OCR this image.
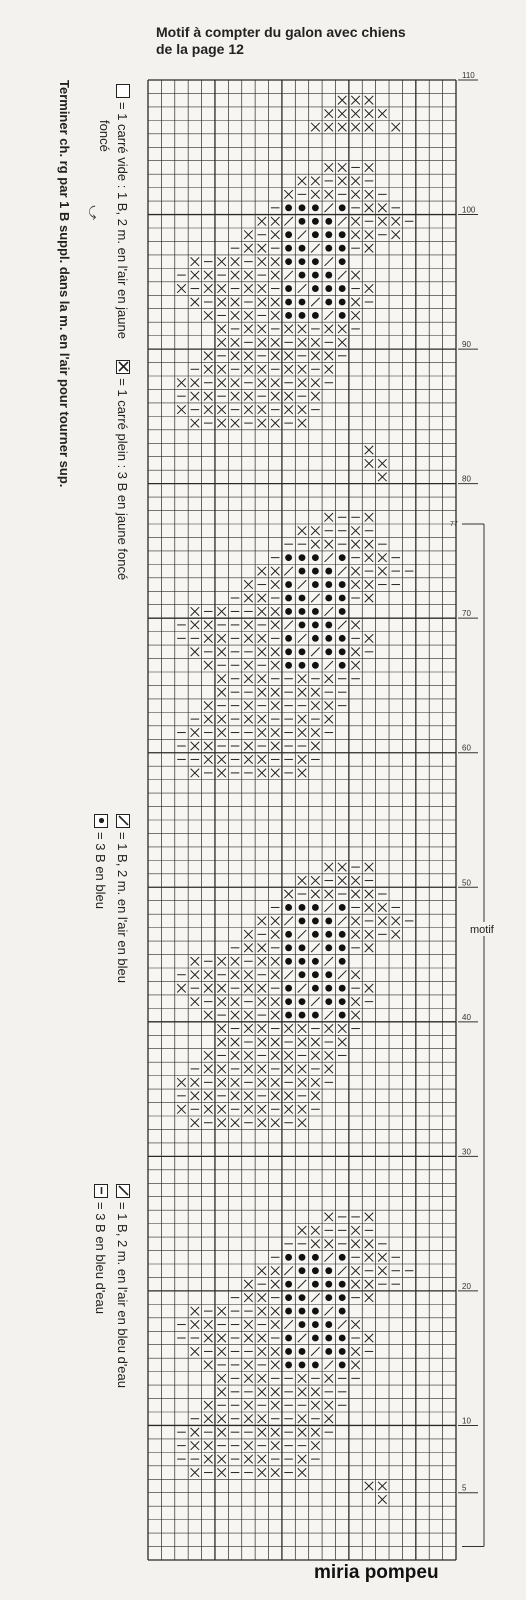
Motif à compter du galon avec chiens
de la page 12
Terminer ch. rg par 1 B suppl. dans la m. en l'air pour tourner sup.	= 1 carré vide : 1 B, 2 m. en l'air en jaune
= 1 carré plein : 3 B en jaune foncé
foncé
⤹
= 1 B, 2 m. en l'air en bleu
= 3 B en bleu
= 1 B, 2 m. en l'air en bleu d'eau
= 3 B en bleu d'eau
5
10
20
30
40
50
60
70
80
90
100
110
77
motif
miria pompeu
